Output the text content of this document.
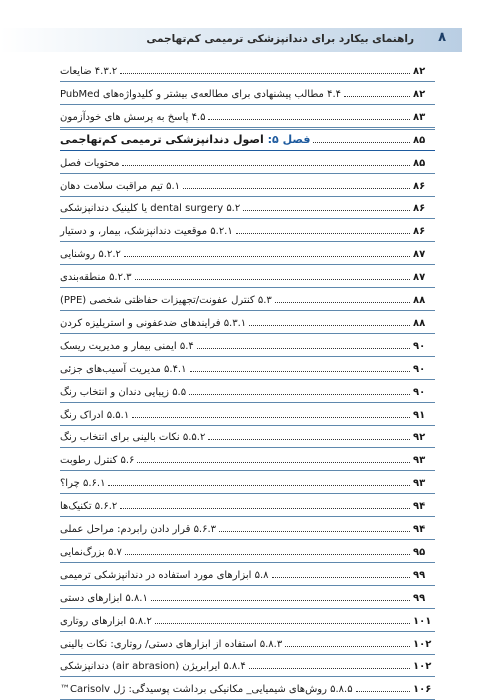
۸
راهنمای بیکارد برای دندانپزشکی ترمیمی کم‌تهاجمی
۴.۳.۲ ضایعات	۸۲
۴.۴ مطالب پیشنهادی برای مطالعه‌ی بیشتر و کلیدواژه‌های PubMed	۸۲
۴.۵ پاسخ به پرسش های خودآزمون	۸۳
فصل ۵: اصول دندانپزشکی ترمیمی کم‌تهاجمی	۸۵
محتویات فصل	۸۵
۵.۱ تیم مراقبت سلامت دهان	۸۶
۵.۲ dental surgery یا کلینیک دندانپزشکی	۸۶
۵.۲.۱ موقعیت دندانپزشک، بیمار، و دستیار	۸۶
۵.۲.۲ روشنایی	۸۷
۵.۲.۳ منطقه‌بندی	۸۷
۵.۳ کنترل عفونت/تجهیزات حفاظتی شخصی (PPE)	۸۸
۵.۳.۱ فرایندهای ضدعفونی و استریلیزه کردن	۸۸
۵.۴ ایمنی بیمار و مدیریت ریسک	۹۰
۵.۴.۱ مدیریت آسیب‌های جزئی	۹۰
۵.۵ زیبایی دندان و انتخاب رنگ	۹۰
۵.۵.۱ ادراک رنگ	۹۱
۵.۵.۲ نکات بالینی برای انتخاب رنگ	۹۲
۵.۶ کنترل رطوبت	۹۳
۵.۶.۱ چرا؟	۹۳
۵.۶.۲ تکنیک‌ها	۹۴
۵.۶.۳ قرار دادن رابردم: مراحل عملی	۹۴
۵.۷ بزرگ‌نمایی	۹۵
۵.۸ ابزارهای مورد استفاده در دندانپزشکی ترمیمی	۹۹
۵.۸.۱ ابزارهای دستی	۹۹
۵.۸.۲ ابزارهای روتاری	۱۰۱
۵.۸.۳ استفاده از ابزارهای دستی/ روتاری: نکات بالینی	۱۰۲
۵.۸.۴ ایرابریژن (air abrasion) دندانپزشکی	۱۰۲
۵.۸.۵ روش‌های شیمیایی_ مکانیکی برداشت پوسیدگی: ژل Carisolv™	۱۰۶
